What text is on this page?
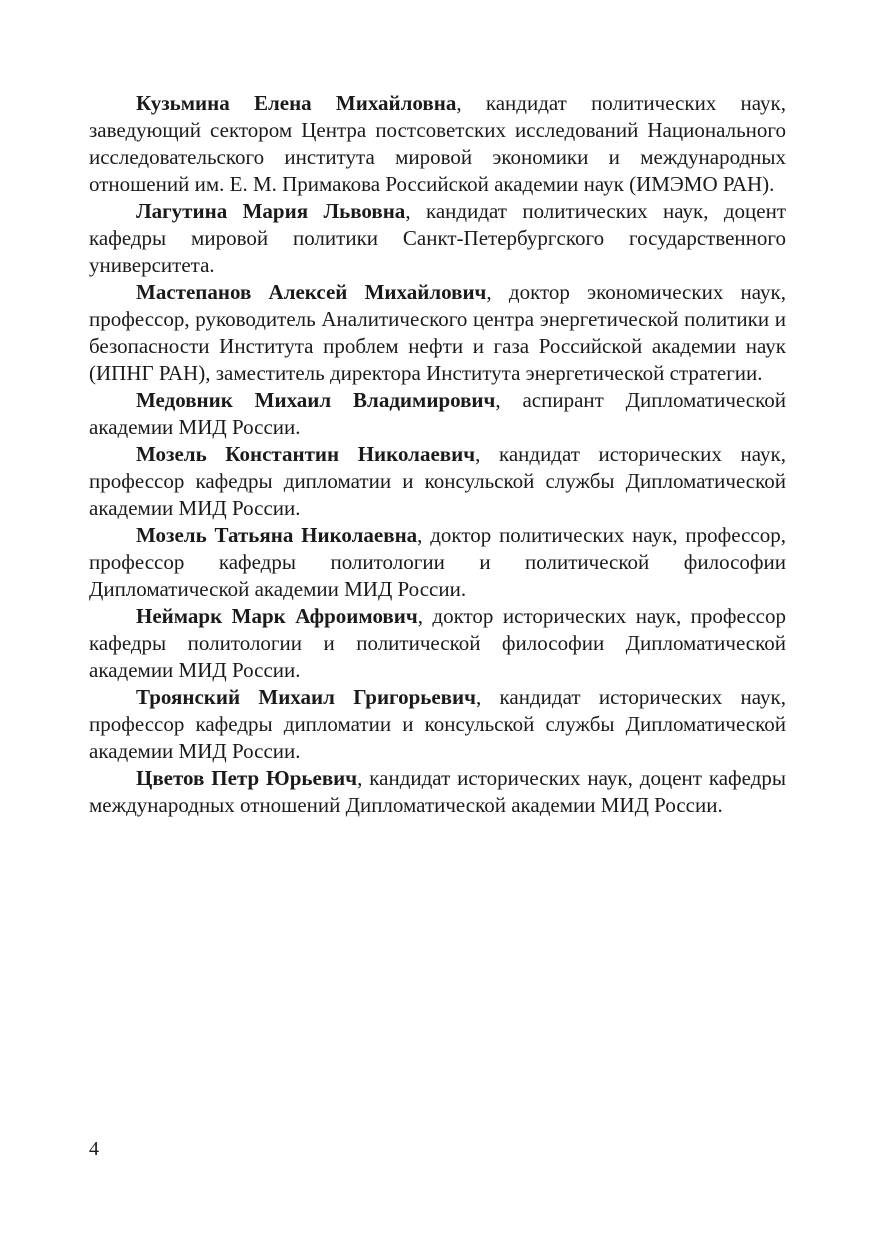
Кузьмина Елена Михайловна, кандидат политических наук, заведующий сектором Центра постсоветских исследований Национального исследовательского института мировой экономики и международных отношений им. Е. М. Примакова Российской академии наук (ИМЭМО РАН).

Лагутина Мария Львовна, кандидат политических наук, доцент кафедры мировой политики Санкт-Петербургского государственного университета.

Мастепанов Алексей Михайлович, доктор экономических наук, профессор, руководитель Аналитического центра энергетической политики и безопасности Института проблем нефти и газа Российской академии наук (ИПНГ РАН), заместитель директора Института энергетической стратегии.

Медовник Михаил Владимирович, аспирант Дипломатической академии МИД России.

Мозель Константин Николаевич, кандидат исторических наук, профессор кафедры дипломатии и консульской службы Дипломатической академии МИД России.

Мозель Татьяна Николаевна, доктор политических наук, профессор, профессор кафедры политологии и политической философии Дипломатической академии МИД России.

Неймарк Марк Афроимович, доктор исторических наук, профессор кафедры политологии и политической философии Дипломатической академии МИД России.

Троянский Михаил Григорьевич, кандидат исторических наук, профессор кафедры дипломатии и консульской службы Дипломатической академии МИД России.

Цветов Петр Юрьевич, кандидат исторических наук, доцент кафедры международных отношений Дипломатической академии МИД России.

4
